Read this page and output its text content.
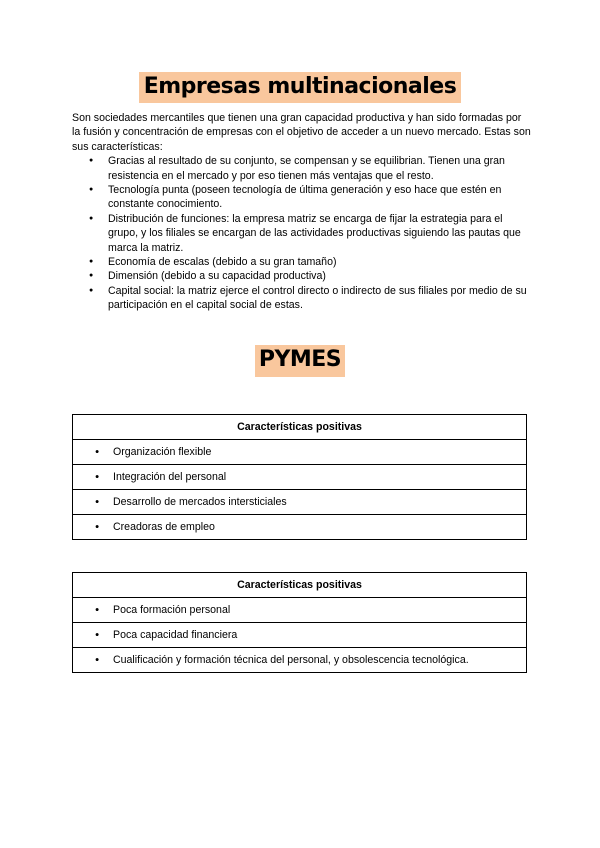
Empresas multinacionales

Son sociedades mercantiles que tienen una gran capacidad productiva y han sido formadas por la fusión y concentración de empresas con el objetivo de acceder a un nuevo mercado. Estas son sus características:

● Gracias al resultado de su conjunto, se compensan y se equilibrian. Tienen una gran resistencia en el mercado y por eso tienen más ventajas que el resto.
● Tecnología punta (poseen tecnología de última generación y eso hace que estén en constante conocimiento.
● Distribución de funciones: la empresa matriz se encarga de fijar la estrategia para el grupo, y los filiales se encargan de las actividades productivas siguiendo las pautas que marca la matriz.
● Economía de escalas (debido a su gran tamaño)
● Dimensión (debido a su capacidad productiva)
● Capital social: la matriz ejerce el control directo o indirecto de sus filiales por medio de su participación en el capital social de estas.
PYMES
Características positivas
● Organización flexible
● Integración del personal
● Desarrollo de mercados intersticiales
● Creadoras de empleo
Características positivas
● Poca formación personal
● Poca capacidad financiera
● Cualificación y formación técnica del personal, y obsolescencia tecnológica.
